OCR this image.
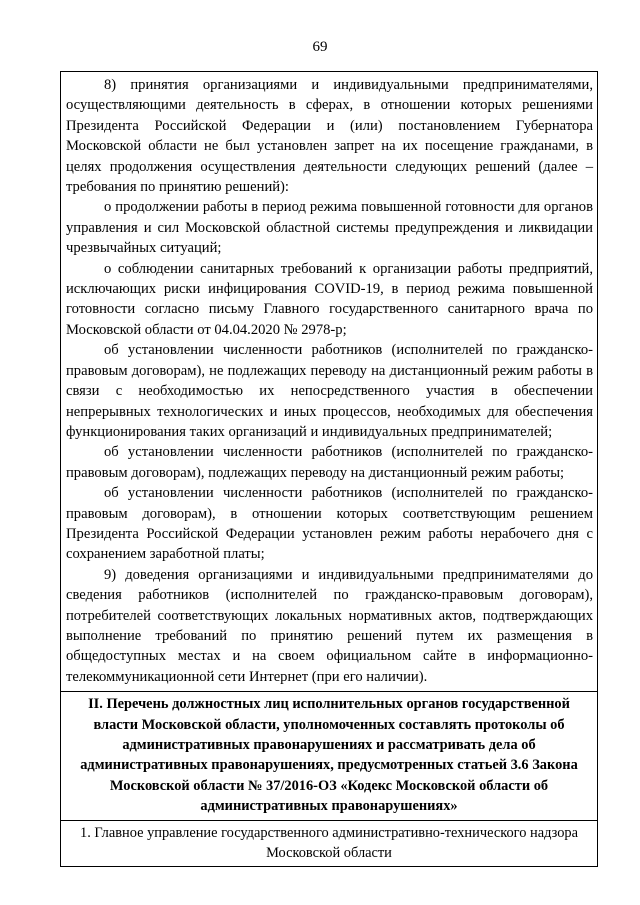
69

8) принятия организациями и индивидуальными предпринимателями, осуществляющими деятельность в сферах, в отношении которых решениями Президента Российской Федерации и (или) постановлением Губернатора Московской области не был установлен запрет на их посещение гражданами, в целях продолжения осуществления деятельности следующих решений (далее – требования по принятию решений):

о продолжении работы в период режима повышенной готовности для органов управления и сил Московской областной системы предупреждения и ликвидации чрезвычайных ситуаций;

о соблюдении санитарных требований к организации работы предприятий, исключающих риски инфицирования COVID-19, в период режима повышенной готовности согласно письму Главного государственного санитарного врача по Московской области от 04.04.2020 № 2978-р;

об установлении численности работников (исполнителей по гражданско-правовым договорам), не подлежащих переводу на дистанционный режим работы в связи с необходимостью их непосредственного участия в обеспечении непрерывных технологических и иных процессов, необходимых для обеспечения функционирования таких организаций и индивидуальных предпринимателей;

об установлении численности работников (исполнителей по гражданско-правовым договорам), подлежащих переводу на дистанционный режим работы;

об установлении численности работников (исполнителей по гражданско-правовым договорам), в отношении которых соответствующим решением Президента Российской Федерации установлен режим работы нерабочего дня с сохранением заработной платы;

9) доведения организациями и индивидуальными предпринимателями до сведения работников (исполнителей по гражданско-правовым договорам), потребителей соответствующих локальных нормативных актов, подтверждающих выполнение требований по принятию решений путем их размещения в общедоступных местах и на своем официальном сайте в информационно-телекоммуникационной сети Интернет (при его наличии).

II. Перечень должностных лиц исполнительных органов государственной власти Московской области, уполномоченных составлять протоколы об административных правонарушениях и рассматривать дела об административных правонарушениях, предусмотренных статьей 3.6 Закона Московской области № 37/2016-ОЗ «Кодекс Московской области об административных правонарушениях»
1. Главное управление государственного административно-технического надзора Московской области
